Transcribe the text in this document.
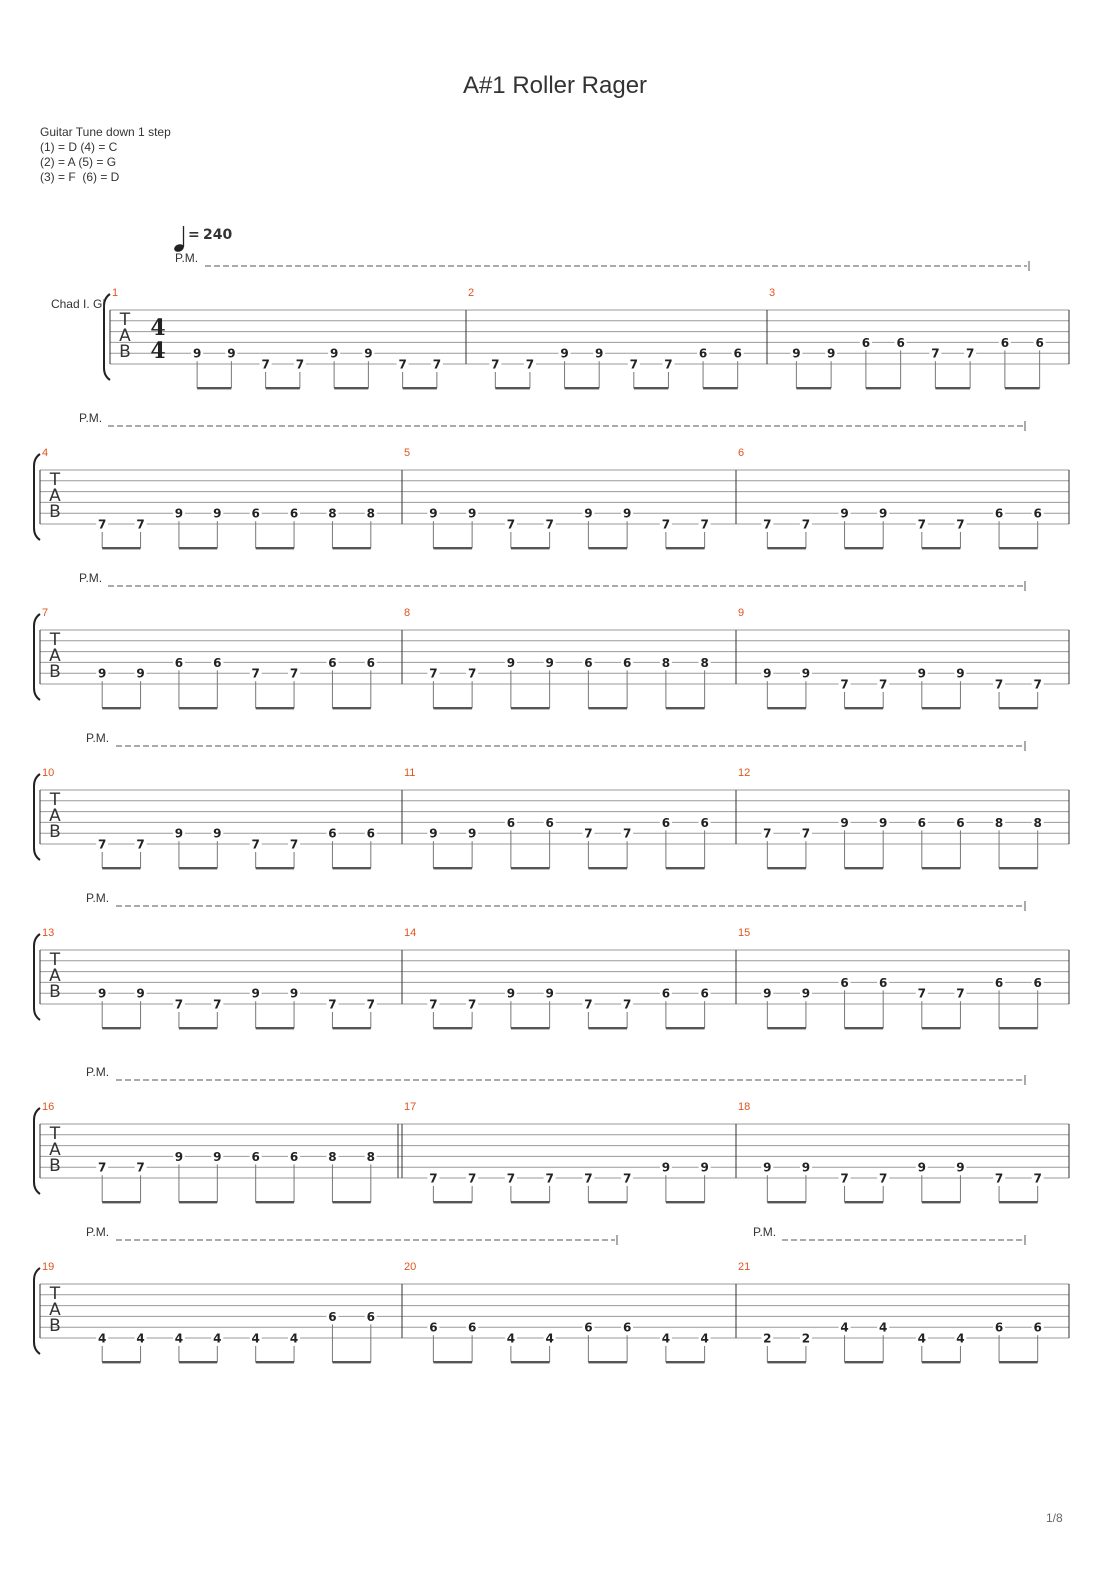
A#1 Roller Rager
Guitar Tune down 1 step
(1) = D (4) = C
(2) = A (5) = G
(3) = F  (6) = D
T
A
B
Chad I. Gi
4
4
= 240
P.M.
1
9 9
7 7
9 9
7 7
2
7 7
9 9
7 7
6 6
3
9 9
6 6
7 7
6 6
T
A
B
P.M.
4
7	7
9	9	6	6	8	8
5
9	9
7	7
9	9
7	7
6
7	7
9	9
7	7
6	6
T
A
B
P.M.
7
9	9
6	6
7	7
6	6
8
7	7
9	9	6	6	8	8
9
9	9
7	7
9	9
7	7
T
A
B
P.M.
10
7	7
9	9
7	7
6	6
11
9	9
6	6
7	7
6	6
12
7	7
9	9	6	6	8	8
T
A
B
P.M.
13
9	9
7	7
9	9
7	7
14
7	7
9	9
7	7
6	6
15
9	9
6	6
7	7
6	6
T
A
B
P.M.
16
7	7
9	9	6	6	8	8
17
7	7	7	7	7	7
9	9
18
9	9
7	7
9	9
7	7
T
A
B
P.M.	P.M.
19
4	4	4	4	4	4
6	6
20
6	6
4	4
6	6
4	4
21
2	2
4	4
4	4
6	6
1/8
